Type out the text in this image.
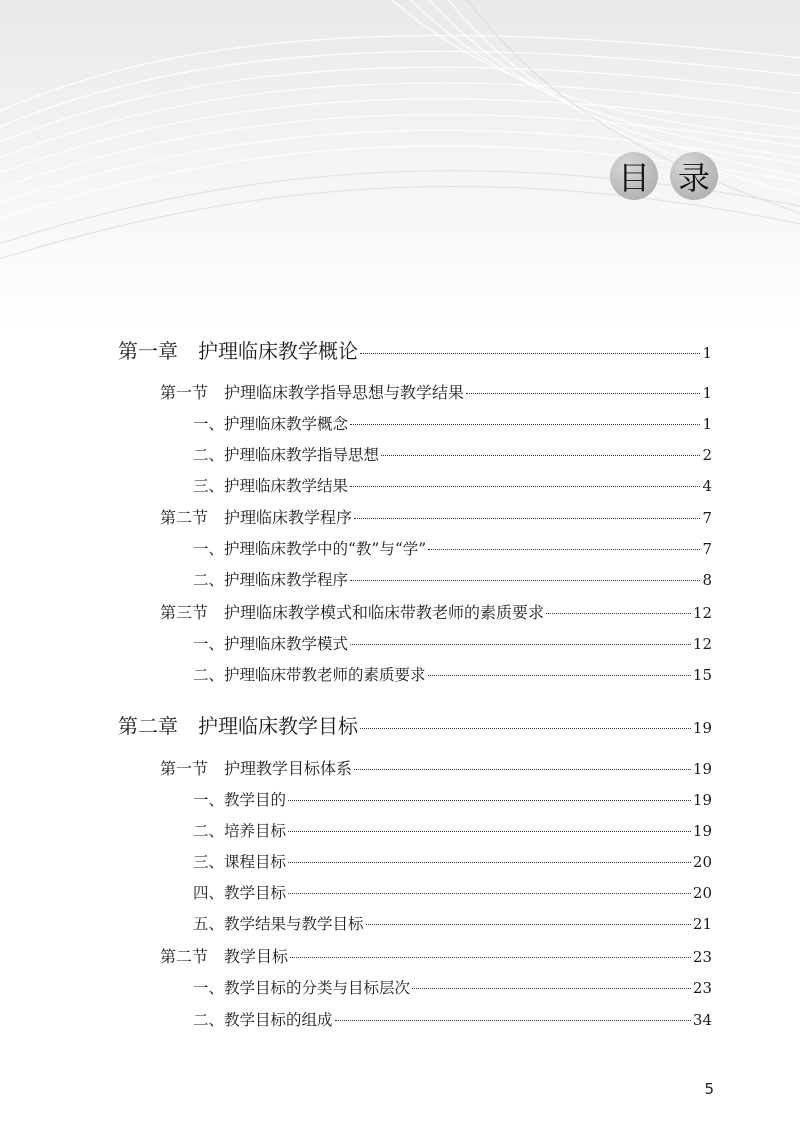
目 录
第一章　护理临床教学概论	1
第一节　护理临床教学指导思想与教学结果	1
一、护理临床教学概念	1
二、护理临床教学指导思想	2
三、护理临床教学结果	4
第二节　护理临床教学程序	7
一、护理临床教学中的“教”与“学”	7
二、护理临床教学程序	8
第三节　护理临床教学模式和临床带教老师的素质要求	12
一、护理临床教学模式	12
二、护理临床带教老师的素质要求	15
第二章　护理临床教学目标	19
第一节　护理教学目标体系	19
一、教学目的	19
二、培养目标	19
三、课程目标	20
四、教学目标	20
五、教学结果与教学目标	21
第二节　教学目标	23
一、教学目标的分类与目标层次	23
二、教学目标的组成	34
5
